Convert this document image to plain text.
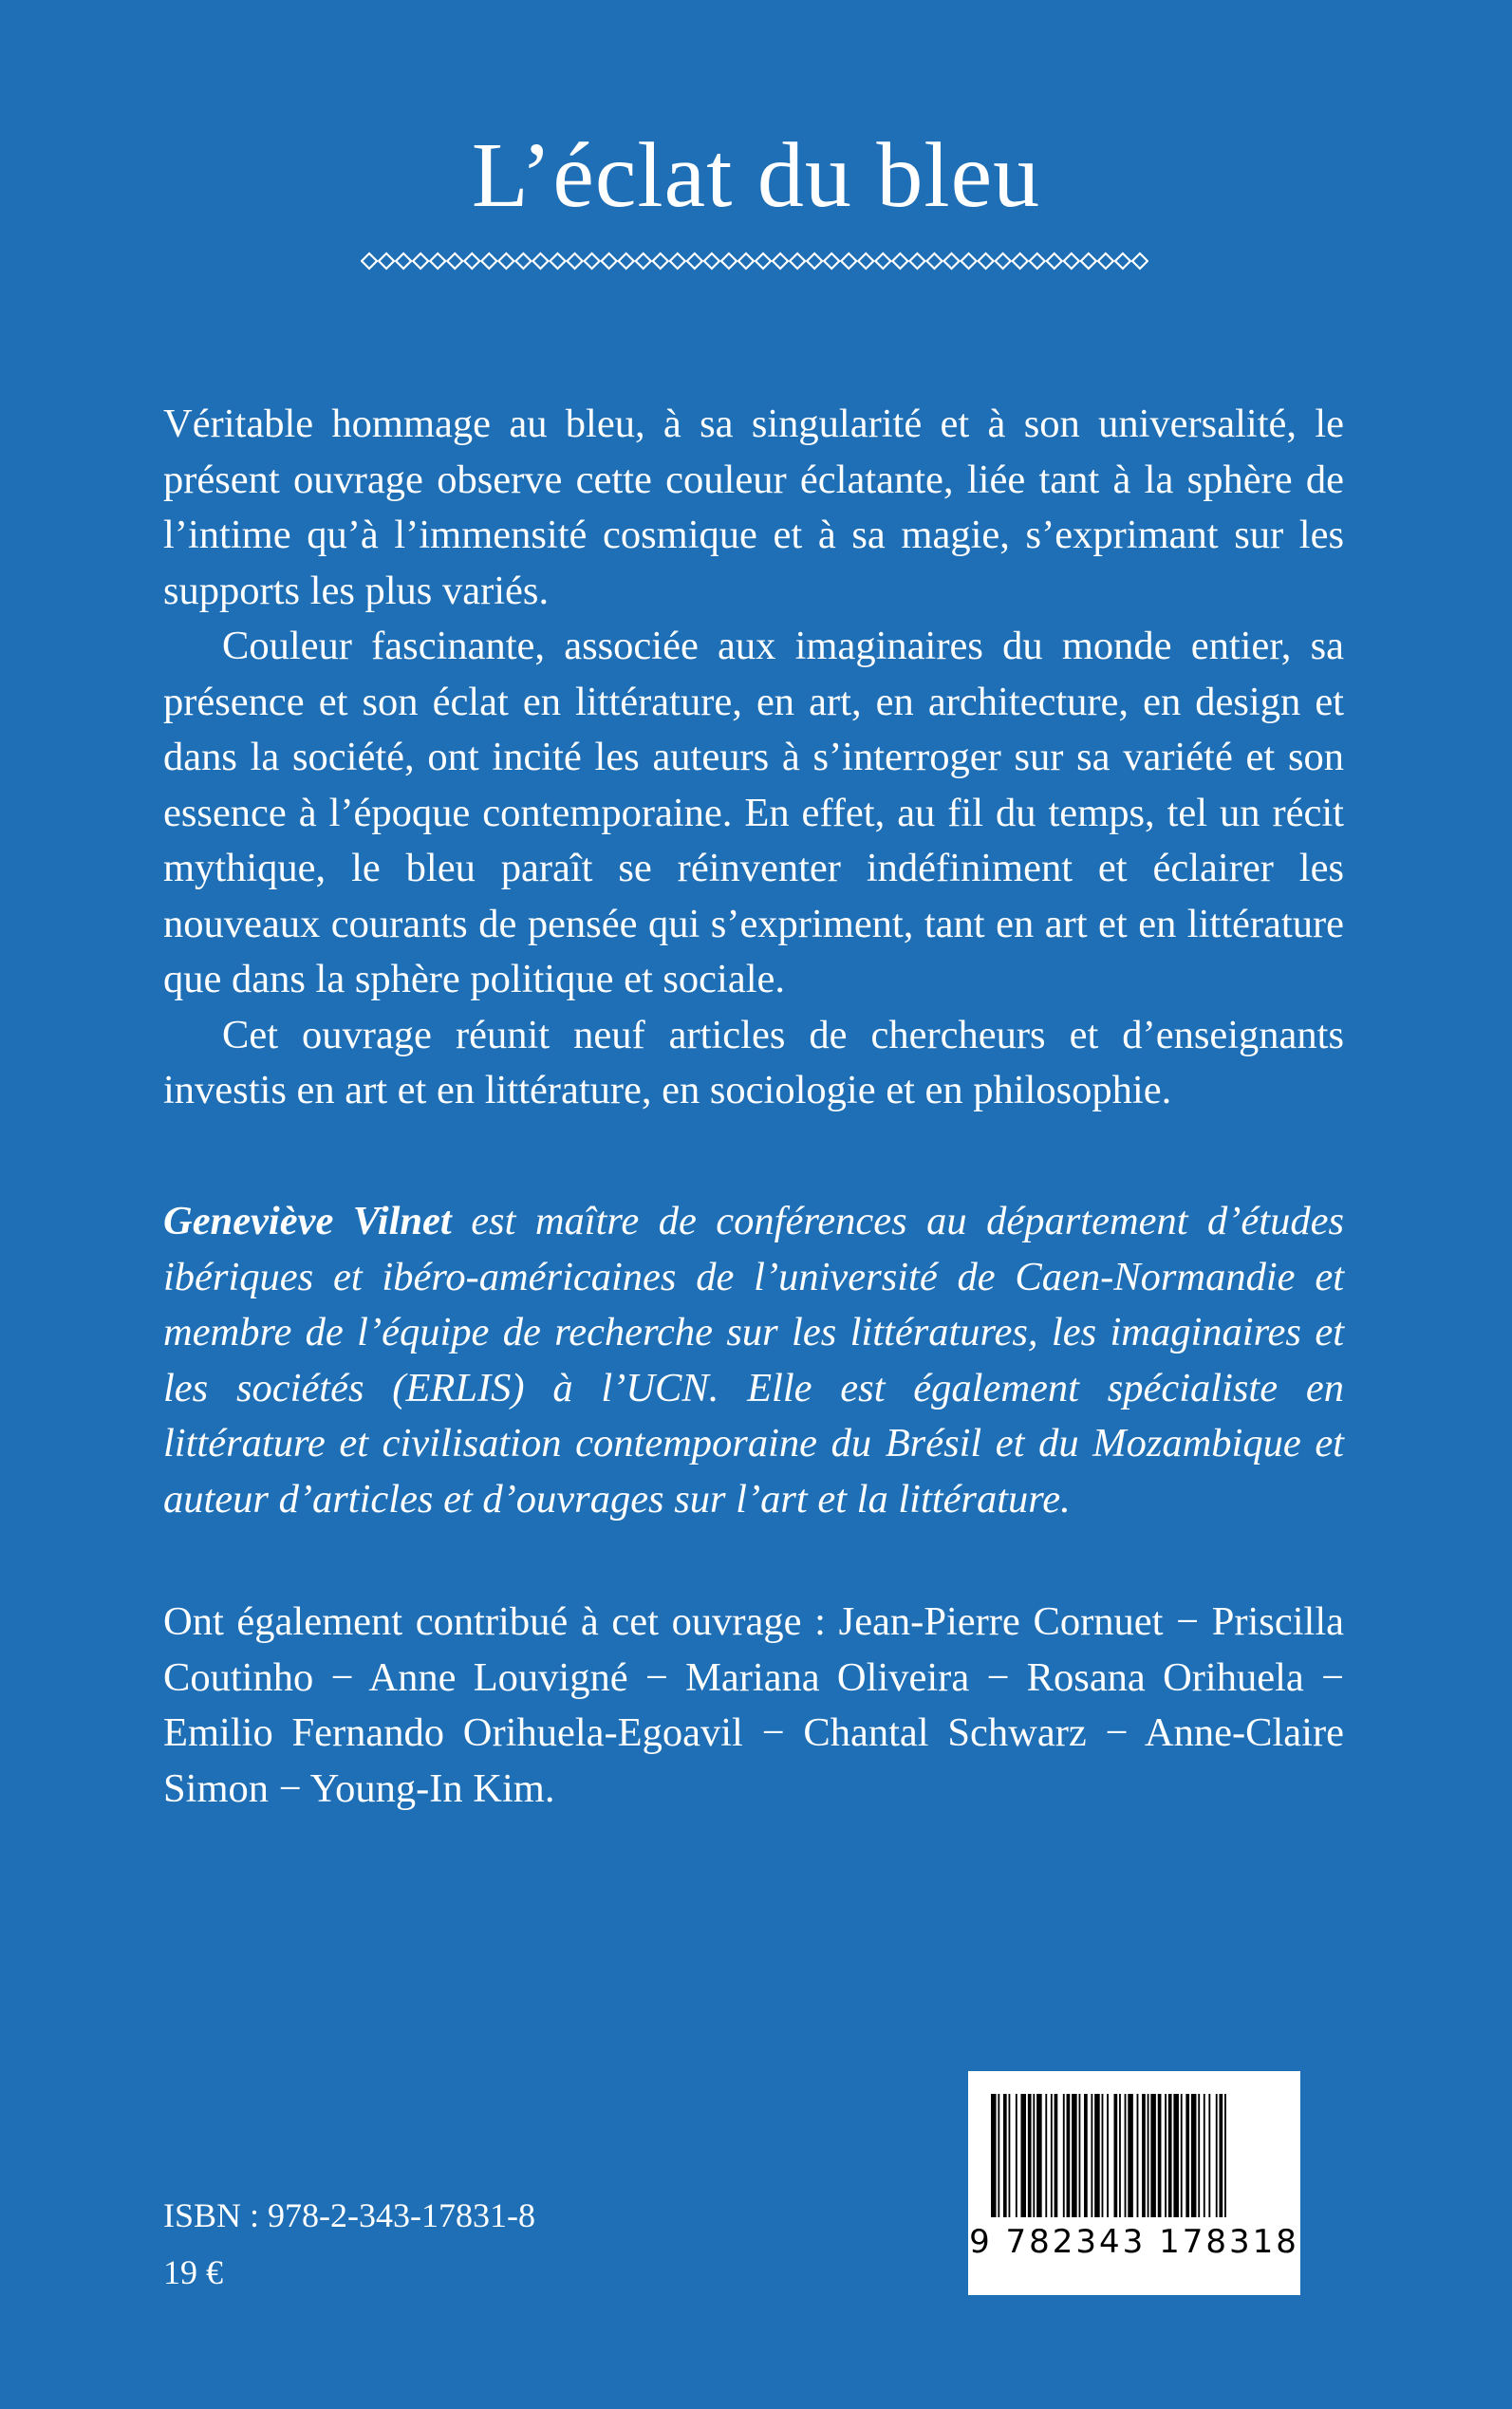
L’éclat du bleu

Véritable hommage au bleu, à sa singularité et à son universalité, le présent ouvrage observe cette couleur éclatante, liée tant à la sphère de l’intime qu’à l’immensité cosmique et à sa magie, s’exprimant sur les supports les plus variés.

Couleur fascinante, associée aux imaginaires du monde entier, sa présence et son éclat en littérature, en art, en architecture, en design et dans la société, ont incité les auteurs à s’interroger sur sa variété et son essence à l’époque contemporaine. En effet, au fil du temps, tel un récit mythique, le bleu paraît se réinventer indéfiniment et éclairer les nouveaux courants de pensée qui s’expriment, tant en art et en littérature que dans la sphère politique et sociale.

Cet ouvrage réunit neuf articles de chercheurs et d’enseignants investis en art et en littérature, en sociologie et en philosophie.

Geneviève Vilnet est maître de conférences au département d’études ibériques et ibéro-américaines de l’université de Caen-Normandie et membre de l’équipe de recherche sur les littératures, les imaginaires et les sociétés (ERLIS) à l’UCN. Elle est également spécialiste en littérature et civilisation contemporaine du Brésil et du Mozambique et auteur d’articles et d’ouvrages sur l’art et la littérature.

Ont également contribué à cet ouvrage : Jean-Pierre Cornuet − Priscilla Coutinho − Anne Louvigné − Mariana Oliveira − Rosana Orihuela − Emilio Fernando Orihuela-Egoavil − Chantal Schwarz − Anne-Claire Simon − Young-In Kim.

ISBN : 978-2-343-17831-8
19 €
9 782343 178318
